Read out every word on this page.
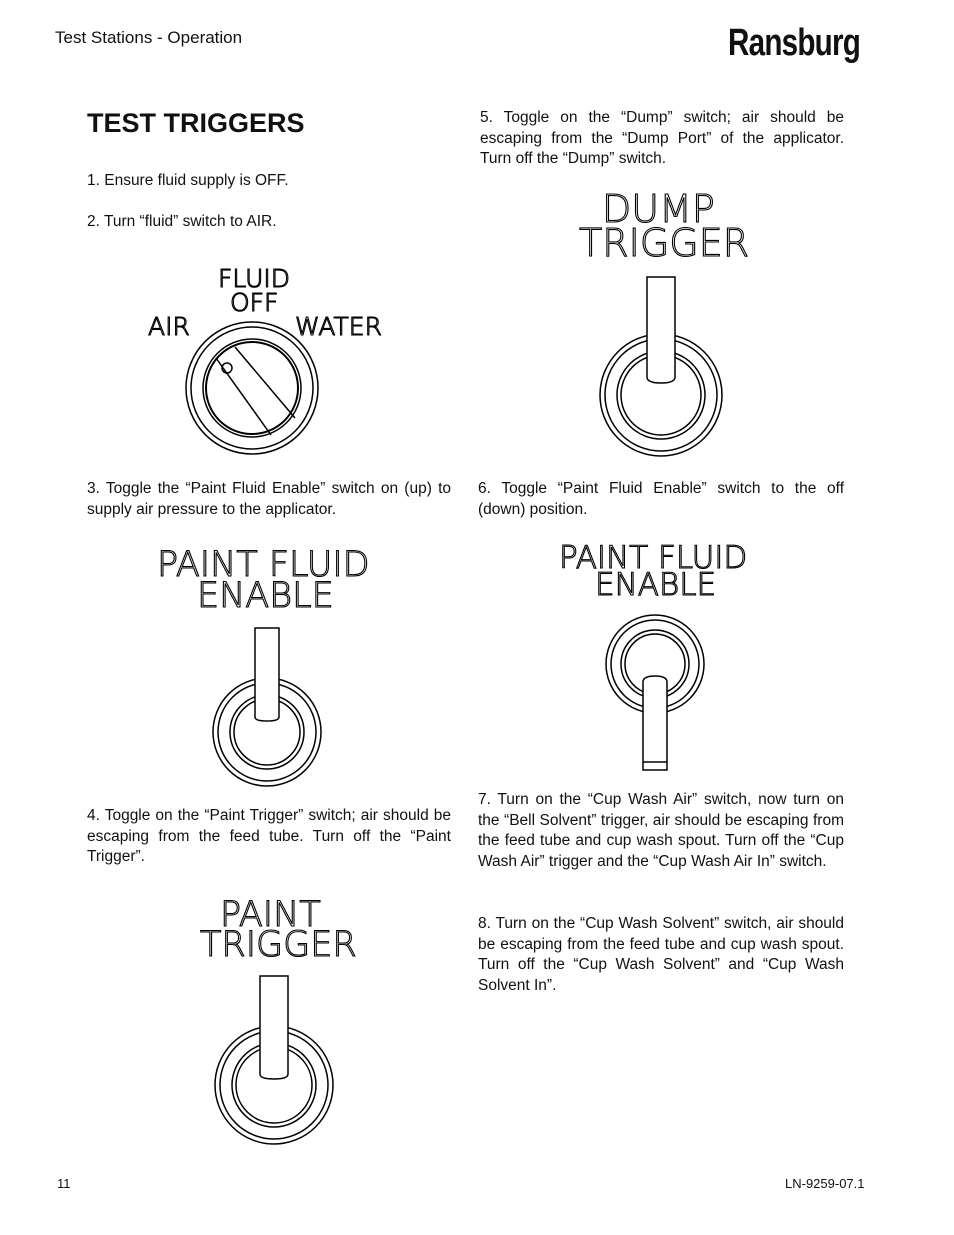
Test Stations - Operation	Ransburg
TEST TRIGGERS
1. Ensure fluid supply is OFF.
2. Turn “fluid” switch to AIR.
FLUID
OFF
AIR	WATER
3. Toggle the “Paint Fluid Enable” switch on (up) to supply air pressure to the applicator.
PAINT FLUID
ENABLE
4. Toggle on the “Paint Trigger” switch; air should be escaping from the feed tube. Turn off the “Paint Trigger”.
PAINT
TRIGGER
5. Toggle on the “Dump” switch; air should be escaping from the “Dump Port” of the applicator. Turn off the “Dump” switch.
DUMP
TRIGGER
6. Toggle “Paint Fluid Enable” switch to the off (down) position.
PAINT FLUID
ENABLE
7. Turn on the “Cup Wash Air” switch, now turn on the “Bell Solvent” trigger, air should be escaping from the feed tube and cup wash spout. Turn off the “Cup Wash Air” trigger and the “Cup Wash Air In” switch.
8. Turn on the “Cup Wash Solvent” switch, air should be escaping from the feed tube and cup wash spout. Turn off the “Cup Wash Solvent” and “Cup Wash Solvent In”.
11	LN-9259-07.1
